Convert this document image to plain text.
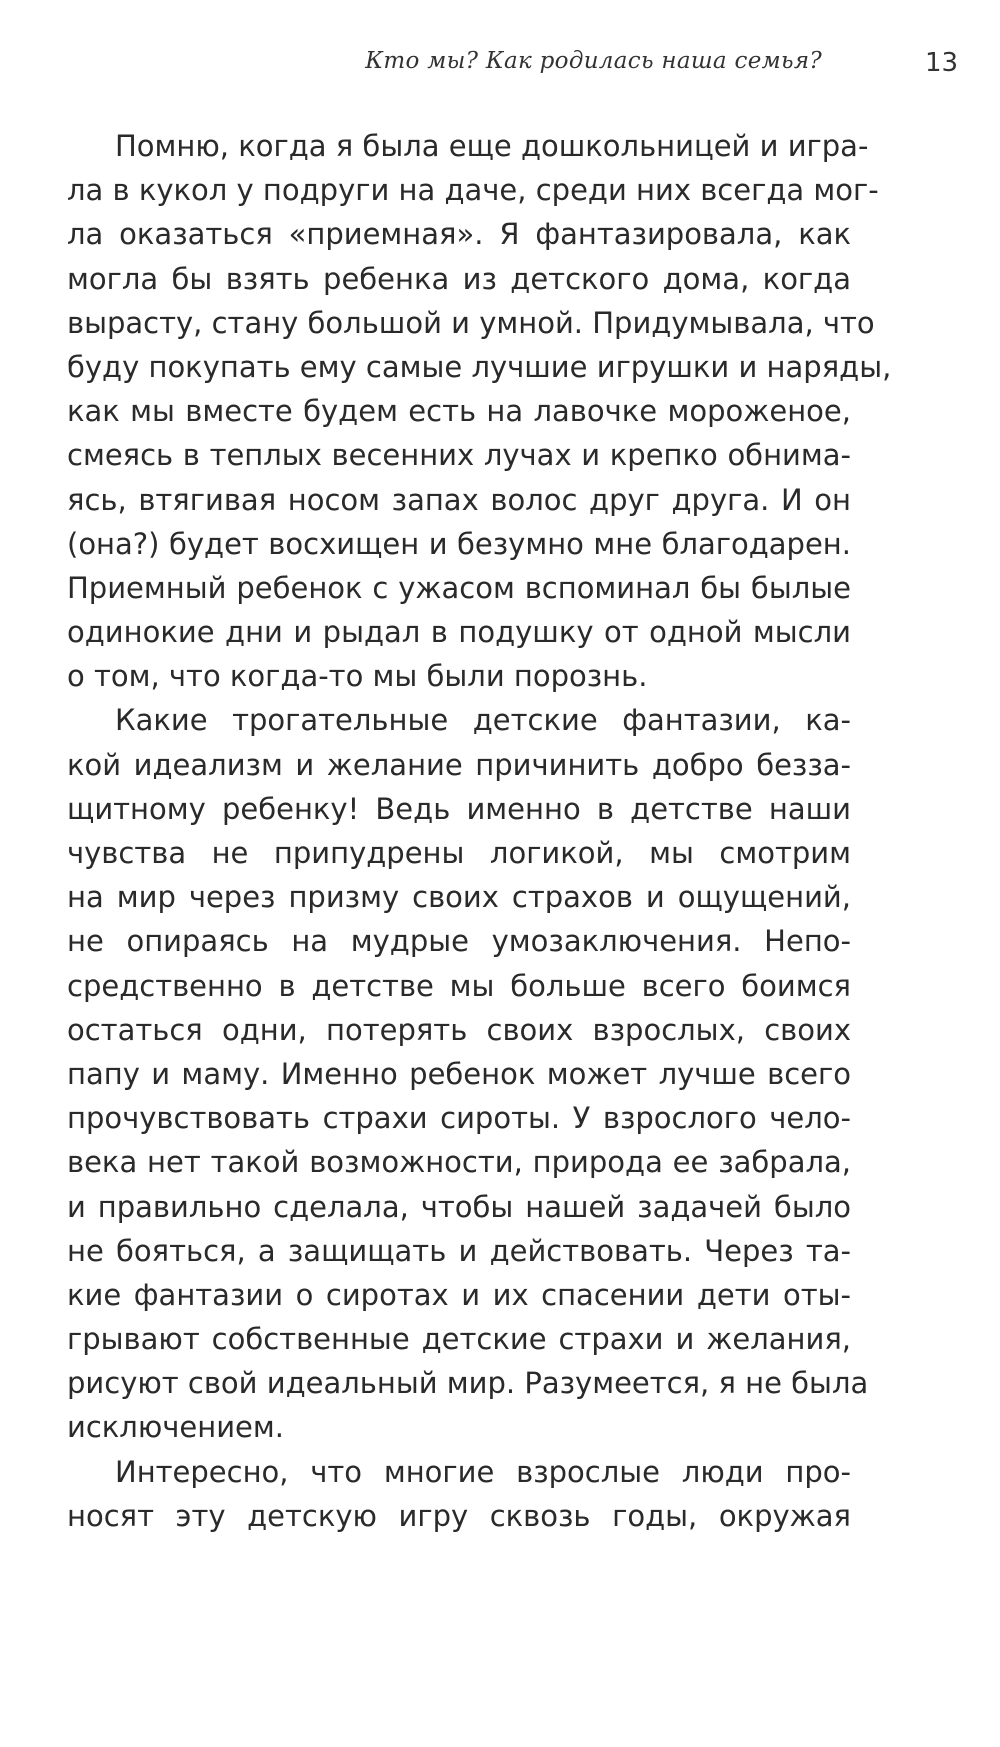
Кто мы? Как родилась наша семья?	13
Помню, когда я была еще дошкольницей и игра-
ла в кукол у подруги на даче, среди них всегда мог-
ла оказаться «приемная». Я фантазировала, как
могла бы взять ребенка из детского дома, когда
вырасту, стану большой и умной. Придумывала, что
буду покупать ему самые лучшие игрушки и наряды,
как мы вместе будем есть на лавочке мороженое,
смеясь в теплых весенних лучах и крепко обнима-
ясь, втягивая носом запах волос друг друга. И он
(она?) будет восхищен и безумно мне благодарен.
Приемный ребенок с ужасом вспоминал бы былые
одинокие дни и рыдал в подушку от одной мысли
о том, что когда-то мы были порознь.
Какие трогательные детские фантазии, ка-
кой идеализм и желание причинить добро безза-
щитному ребенку! Ведь именно в детстве наши
чувства не припудрены логикой, мы смотрим
на мир через призму своих страхов и ощущений,
не опираясь на мудрые умозаключения. Непо-
средственно в детстве мы больше всего боимся
остаться одни, потерять своих взрослых, своих
папу и маму. Именно ребенок может лучше всего
прочувствовать страхи сироты. У взрослого чело-
века нет такой возможности, природа ее забрала,
и правильно сделала, чтобы нашей задачей было
не бояться, а защищать и действовать. Через та-
кие фантазии о сиротах и их спасении дети оты-
грывают собственные детские страхи и желания,
рисуют свой идеальный мир. Разумеется, я не была
исключением.
Интересно, что многие взрослые люди про-
носят эту детскую игру сквозь годы, окружая
